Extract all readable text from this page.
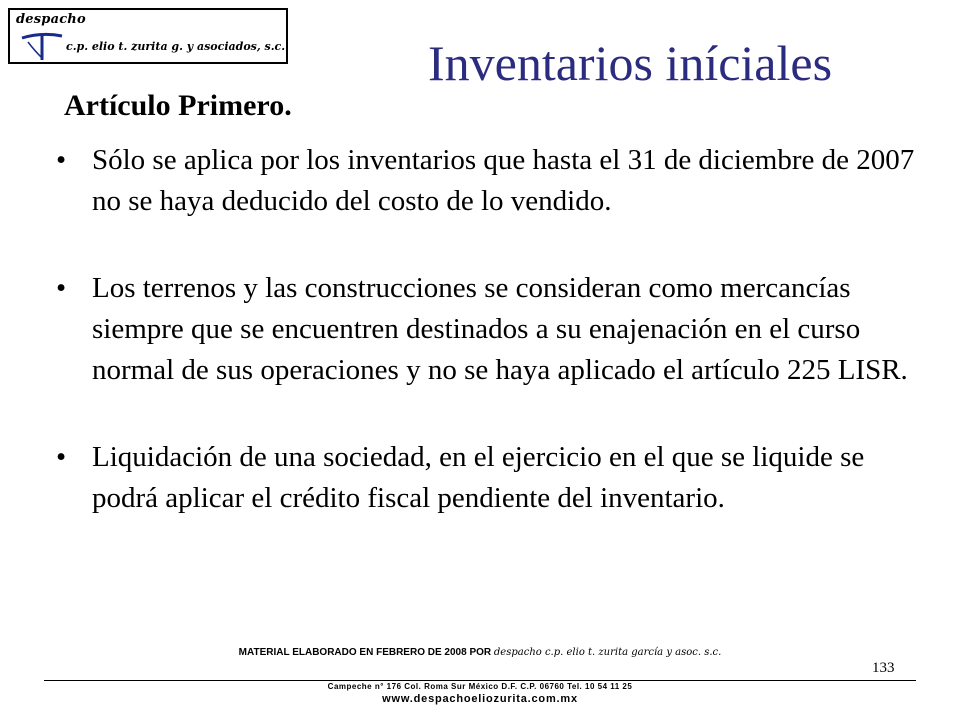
despacho
c.p. elio t. zurita g. y asociados, s.c.	Inventarios iníciales
Artículo Primero.
• Sólo se aplica por los inventarios que hasta el 31 de diciembre de 2007 no se haya deducido del costo de lo vendido.
• Los terrenos y las construcciones se consideran como mercancías siempre que se encuentren destinados a su enajenación en el curso normal de sus operaciones y no se haya aplicado el artículo 225 LISR.
• Liquidación de una sociedad, en el ejercicio en el que se liquide se podrá aplicar el crédito fiscal pendiente del inventario.
MATERIAL ELABORADO EN FEBRERO DE 2008 POR despacho c.p. elio t. zurita garcía y asoc. s.c.
133
Campeche n° 176 Col. Roma Sur México D.F. C.P. 06760 Tel. 10 54 11 25
www.despachoeliozurita.com.mx
